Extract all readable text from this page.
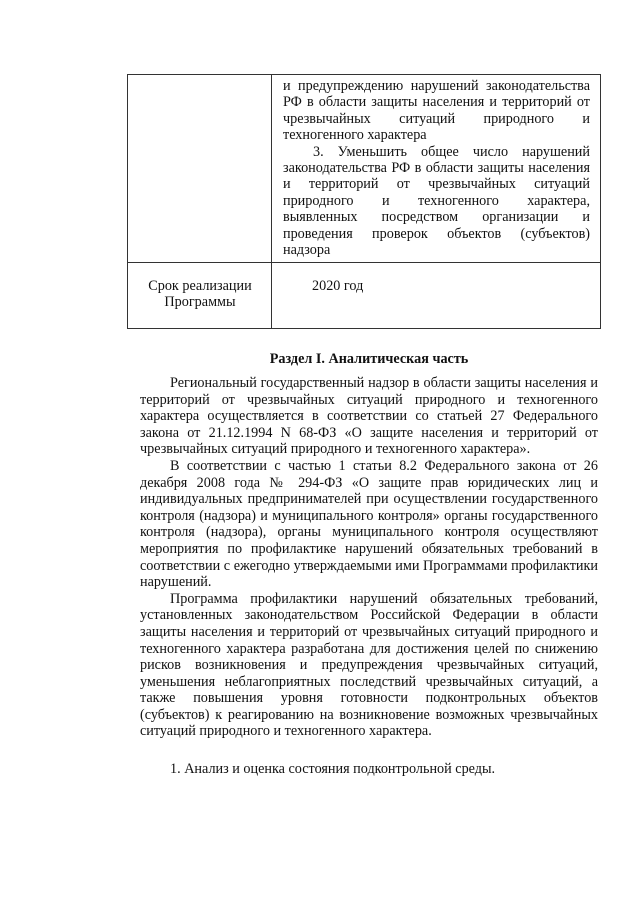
и предупреждению нарушений законодательства РФ в области защиты населения и территорий от чрезвычайных ситуаций природного и техногенного характера

3. Уменьшить общее число нарушений законодательства РФ в области защиты населения и территорий от чрезвычайных ситуаций природного и техногенного характера, выявленных посредством организации и проведения проверок объектов (субъектов) надзора

Срок реализации Программы
2020 год
Раздел I. Аналитическая часть

Региональный государственный надзор в области защиты населения и территорий от чрезвычайных ситуаций природного и техногенного характера осуществляется в соответствии со статьей 27 Федерального закона от 21.12.1994 N 68-ФЗ «О защите населения и территорий от чрезвычайных ситуаций природного и техногенного характера».

В соответствии с частью 1 статьи 8.2 Федерального закона от 26 декабря 2008 года № 294-ФЗ «О защите прав юридических лиц и индивидуальных предпринимателей при осуществлении государственного контроля (надзора) и муниципального контроля» органы государственного контроля (надзора), органы муниципального контроля осуществляют мероприятия по профилактике нарушений обязательных требований в соответствии с ежегодно утверждаемыми ими Программами профилактики нарушений.

Программа профилактики нарушений обязательных требований, установленных законодательством Российской Федерации в области защиты населения и территорий от чрезвычайных ситуаций природного и техногенного характера разработана для достижения целей по снижению рисков возникновения и предупреждения чрезвычайных ситуаций, уменьшения неблагоприятных последствий чрезвычайных ситуаций, а также повышения уровня готовности подконтрольных объектов (субъектов) к реагированию на возникновение возможных чрезвычайных ситуаций природного и техногенного характера.

1. Анализ и оценка состояния подконтрольной среды.
